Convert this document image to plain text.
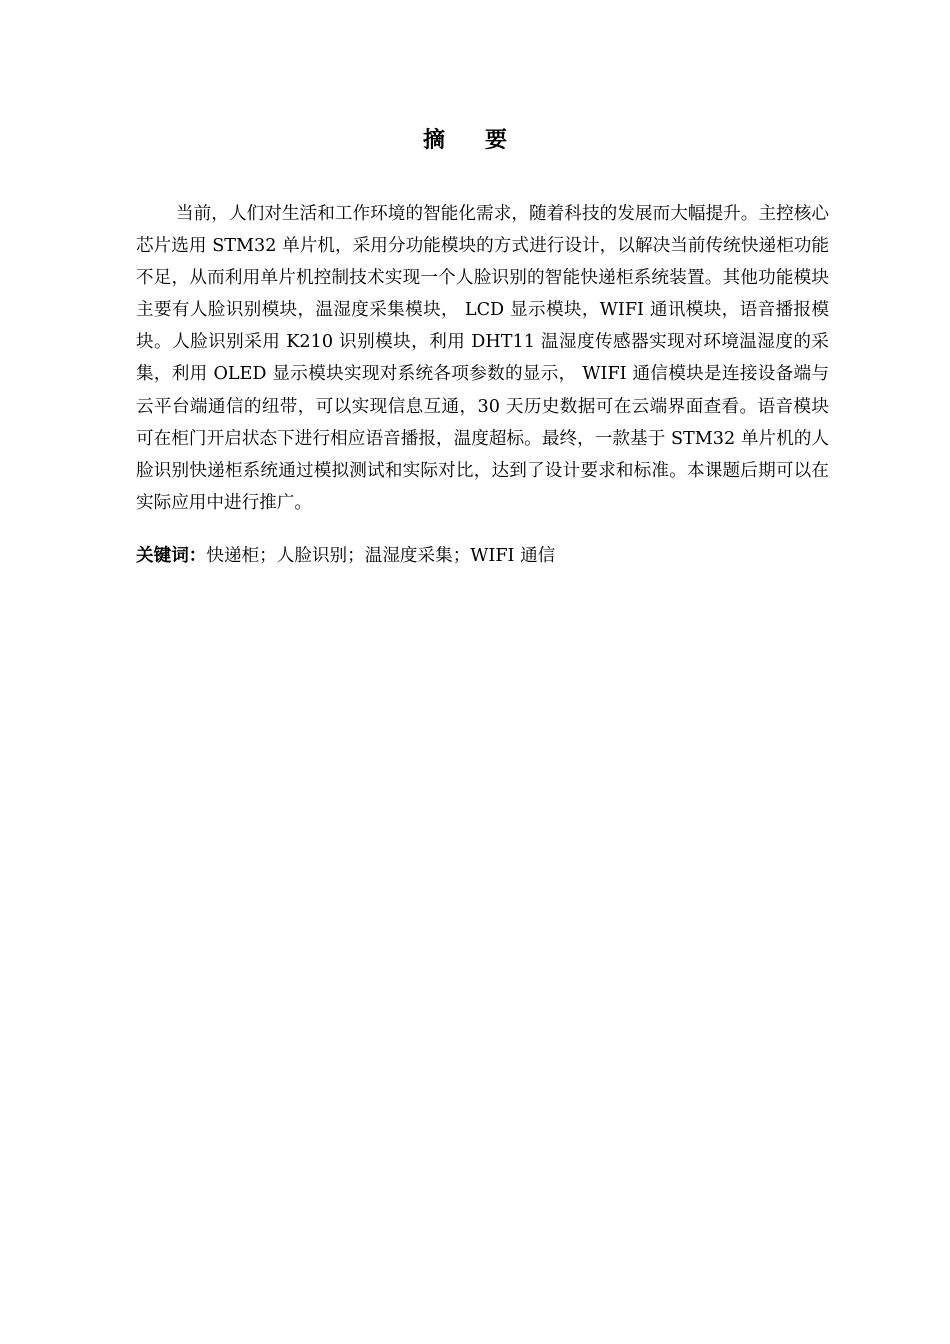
摘要

当前，人们对生活和工作环境的智能化需求，随着科技的发展而大幅提升。主控核心芯片选用 STM32 单片机，采用分功能模块的方式进行设计，以解决当前传统快递柜功能不足，从而利用单片机控制技术实现一个人脸识别的智能快递柜系统装置。其他功能模块主要有人脸识别模块，温湿度采集模块， LCD 显示模块，WIFI 通讯模块，语音播报模块。人脸识别采用 K210 识别模块，利用 DHT11 温湿度传感器实现对环境温湿度的采集，利用 OLED 显示模块实现对系统各项参数的显示， WIFI 通信模块是连接设备端与云平台端通信的纽带，可以实现信息互通，30 天历史数据可在云端界面查看。语音模块可在柜门开启状态下进行相应语音播报，温度超标。最终，一款基于 STM32 单片机的人脸识别快递柜系统通过模拟测试和实际对比，达到了设计要求和标准。本课题后期可以在实际应用中进行推广。

关键词：快递柜；人脸识别；温湿度采集；WIFI 通信
